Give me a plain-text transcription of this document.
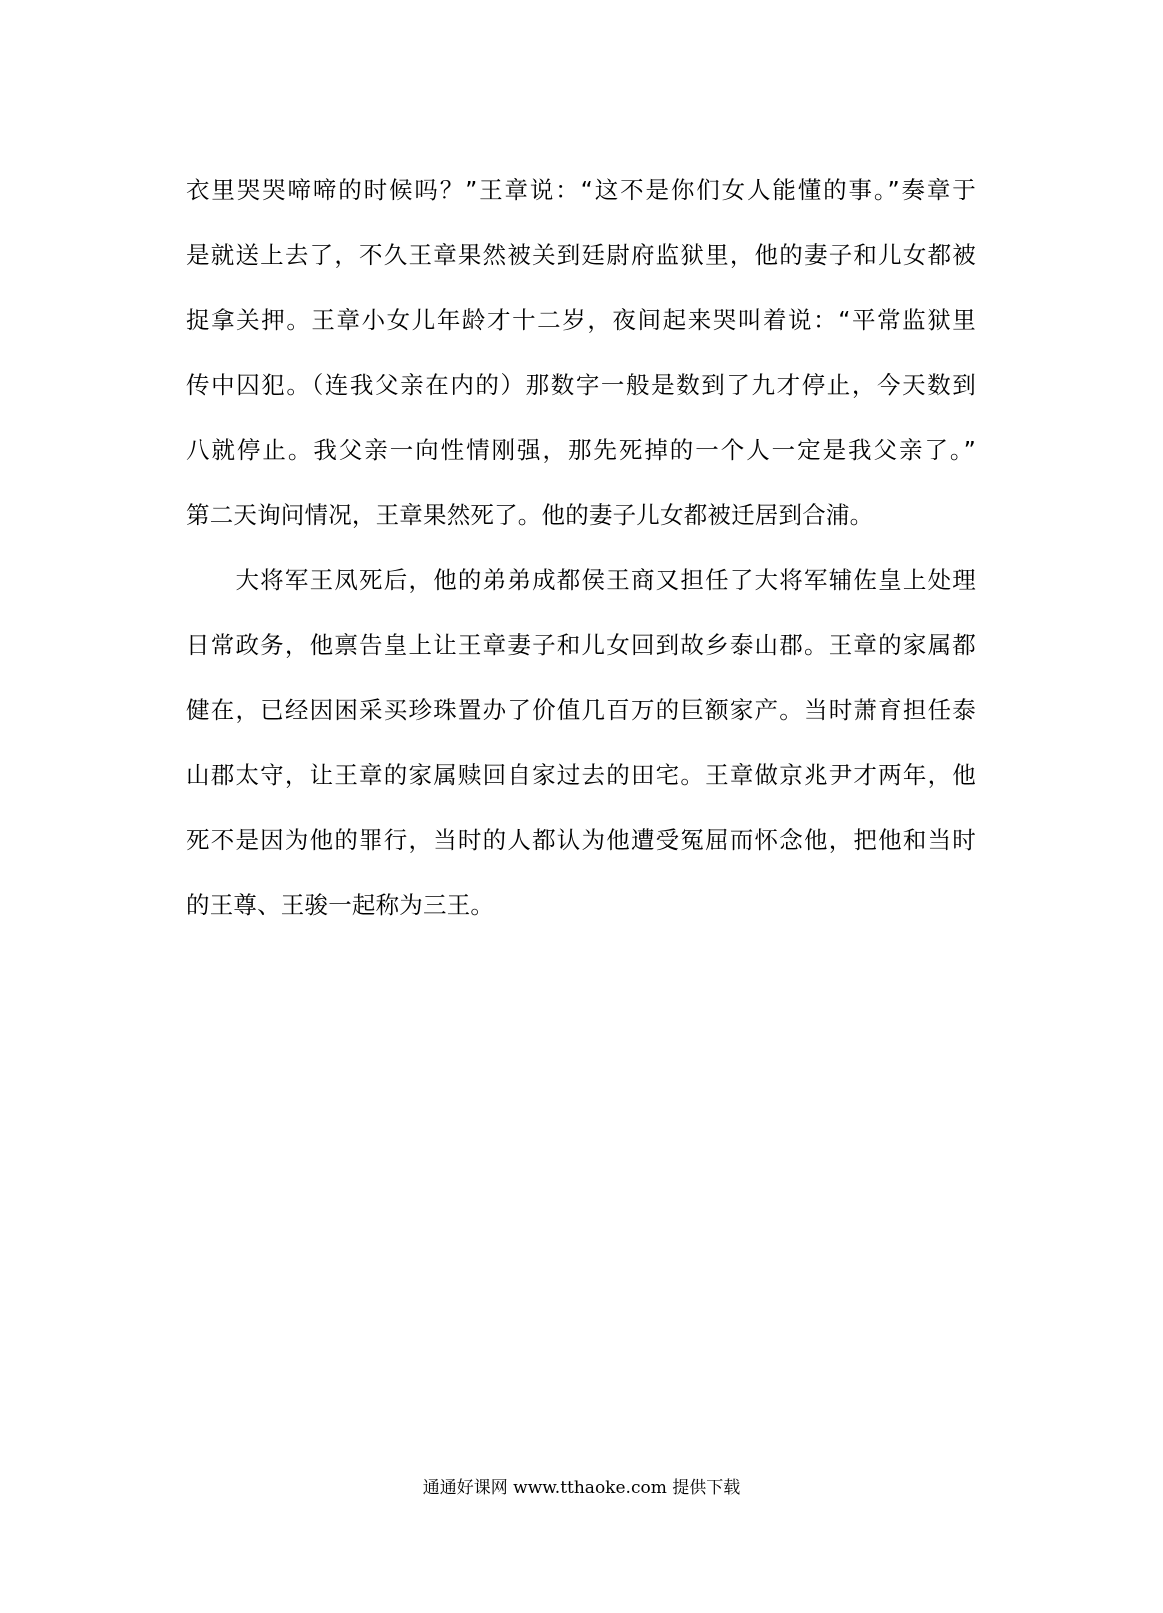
衣里哭哭啼啼的时候吗？”王章说：“这不是你们女人能懂的事。”奏章于
是就送上去了，不久王章果然被关到廷尉府监狱里，他的妻子和儿女都被
捉拿关押。王章小女儿年龄才十二岁，夜间起来哭叫着说：“平常监狱里
传中囚犯。（连我父亲在内的）那数字一般是数到了九才停止，今天数到
八就停止。我父亲一向性情刚强，那先死掉的一个人一定是我父亲了。”
第二天询问情况，王章果然死了。他的妻子儿女都被迁居到合浦。
　　大将军王凤死后，他的弟弟成都侯王商又担任了大将军辅佐皇上处理
日常政务，他禀告皇上让王章妻子和儿女回到故乡泰山郡。王章的家属都
健在，已经因困采买珍珠置办了价值几百万的巨额家产。当时萧育担任泰
山郡太守，让王章的家属赎回自家过去的田宅。王章做京兆尹才两年，他
死不是因为他的罪行，当时的人都认为他遭受冤屈而怀念他，把他和当时
的王尊、王骏一起称为三王。
通通好课网 www.tthaoke.com 提供下载
